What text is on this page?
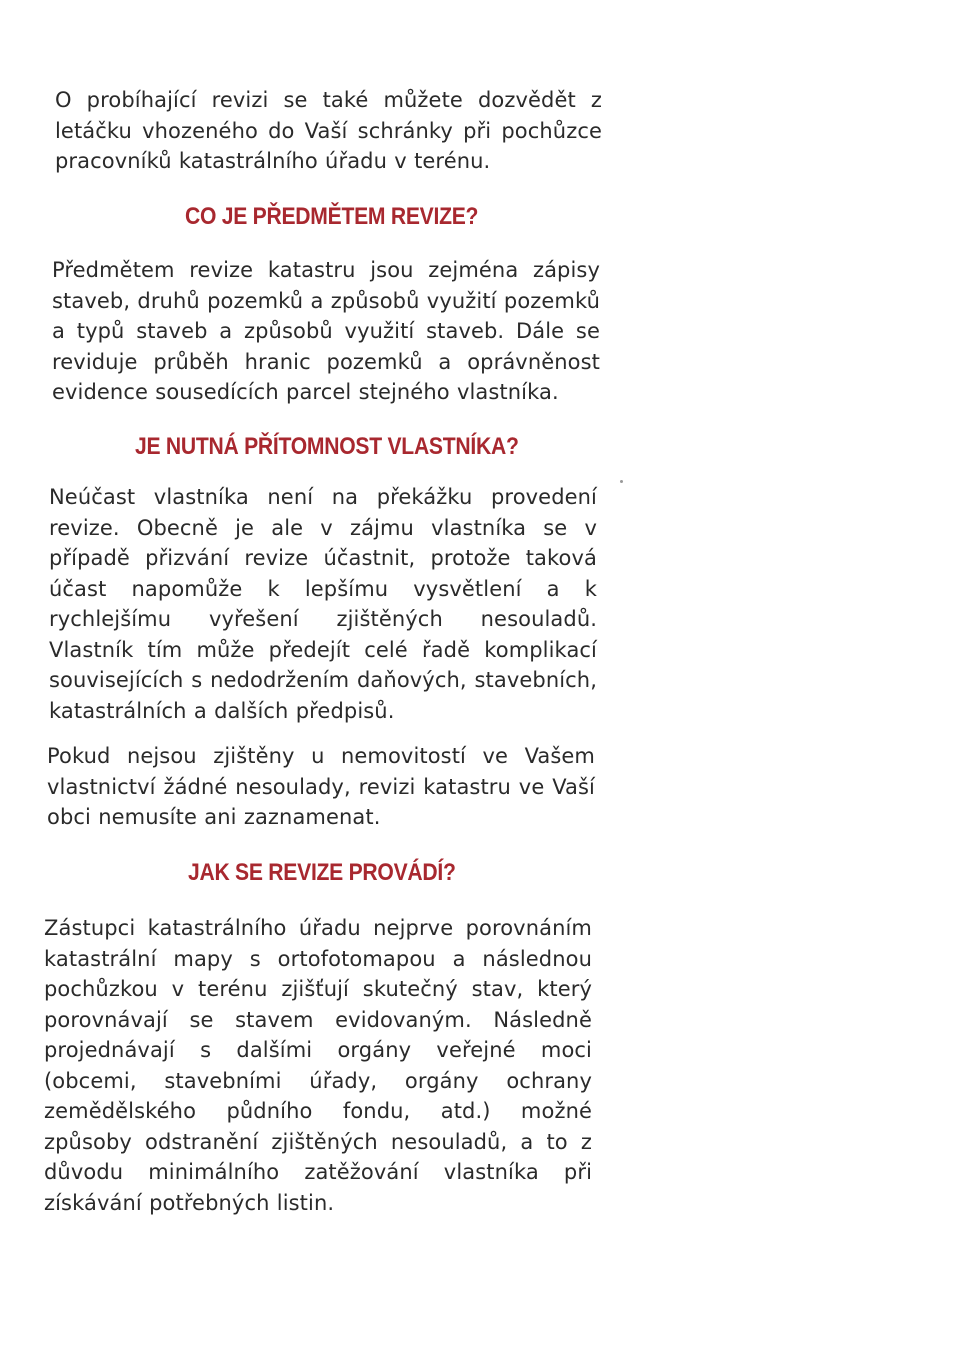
O probíhající revizi se také můžete dozvědět z letáčku vhozeného do Vaší schránky při pochůzce pracovníků katastrálního úřadu v terénu.

CO JE PŘEDMĚTEM REVIZE?

Předmětem revize katastru jsou zejména zápisy staveb, druhů pozemků a způsobů využití pozemků a typů staveb a způsobů využití staveb. Dále se reviduje průběh hranic pozemků a oprávněnost evidence sousedících parcel stejného vlastníka.

JE NUTNÁ PŘÍTOMNOST VLASTNÍKA?

Neúčast vlastníka není na překážku provedení revize. Obecně je ale v zájmu vlastníka se v případě přizvání revize účastnit, protože taková účast napomůže k lepšímu vysvětlení a k rychlejšímu vyřešení zjištěných nesouladů. Vlastník tím může předejít celé řadě komplikací souvisejících s nedodržením daňových, stavebních, katastrálních a dalších předpisů.

Pokud nejsou zjištěny u nemovitostí ve Vašem vlastnictví žádné nesoulady, revizi katastru ve Vaší obci nemusíte ani zaznamenat.

JAK SE REVIZE PROVÁDÍ?

Zástupci katastrálního úřadu nejprve porovnáním katastrální mapy s ortofotomapou a následnou pochůzkou v terénu zjišťují skutečný stav, který porovnávají se stavem evidovaným. Následně projednávají s dalšími orgány veřejné moci (obcemi, stavebními úřady, orgány ochrany zemědělského půdního fondu, atd.) možné způsoby odstranění zjištěných nesouladů, a to z důvodu minimálního zatěžování vlastníka při získávání potřebných listin.
